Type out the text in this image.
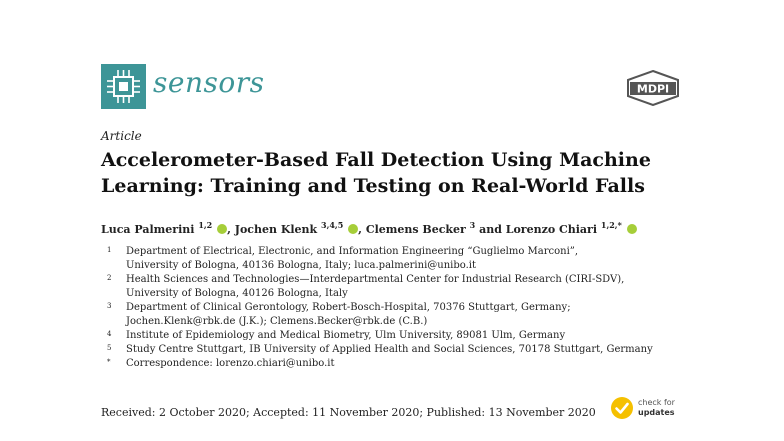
sensors	MDPI
Article
Accelerometer-Based Fall Detection Using Machine
Learning: Training and Testing on Real-World Falls
Luca Palmerini $^{1,2}$ , Jochen Klenk $^{3,4,5}$ , Clemens Becker $^3$ and Lorenzo Chiari $^{1,2,*}$
1 Department of Electrical, Electronic, and Information Engineering “Guglielmo Marconi”,
University of Bologna, 40136 Bologna, Italy; luca.palmerini@unibo.it
2 Health Sciences and Technologies—Interdepartmental Center for Industrial Research (CIRI-SDV),
University of Bologna, 40126 Bologna, Italy
3 Department of Clinical Gerontology, Robert-Bosch-Hospital, 70376 Stuttgart, Germany;
Jochen.Klenk@rbk.de (J.K.); Clemens.Becker@rbk.de (C.B.)
4 Institute of Epidemiology and Medical Biometry, Ulm University, 89081 Ulm, Germany
5 Study Centre Stuttgart, IB University of Applied Health and Social Sciences, 70178 Stuttgart, Germany
* Correspondence: lorenzo.chiari@unibo.it
Received: 2 October 2020; Accepted: 11 November 2020; Published: 13 November 2020
check for
updates
